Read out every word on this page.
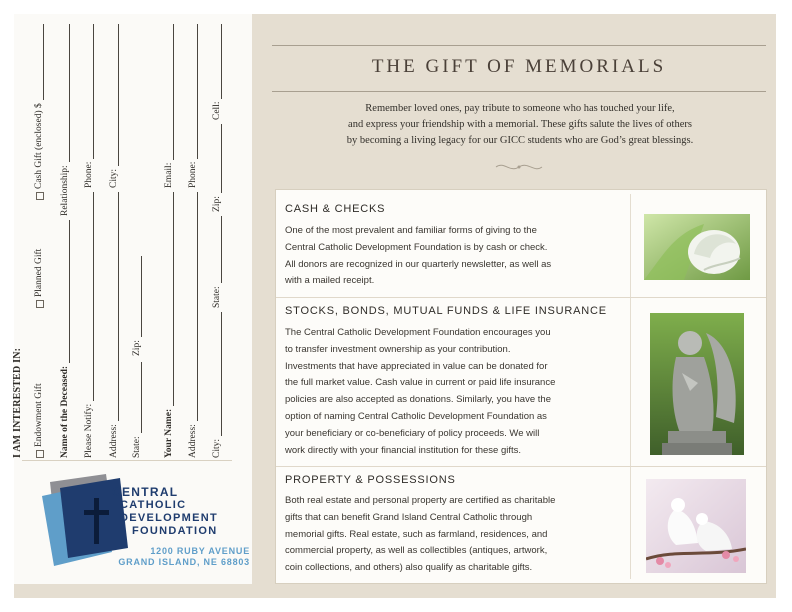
I AM INTERESTED IN: Endowment Gift
Planned Gift
Cash Gift (enclosed) $
Name of the Deceased:
Relationship:
Please Notify:
Phone:
Address:
City:
State:
Zip:
Your Name:
Email:
Address:
Phone:
City:
State:
Zip:
Cell:
CENTRAL
CATHOLIC
DEVELOPMENT
FOUNDATION
1200 RUBY AVENUE
GRAND ISLAND, NE 68803
THE GIFT OF MEMORIALS
Remember loved ones, pay tribute to someone who has touched your life,
and express your friendship with a memorial. These gifts salute the lives of others
by becoming a living legacy for our GICC students who are God’s great blessings.
CASH & CHECKS
One of the most prevalent and familiar forms of giving to the
Central Catholic Development Foundation is by cash or check.
All donors are recognized in our quarterly newsletter, as well as
with a mailed receipt.
STOCKS, BONDS, MUTUAL FUNDS & LIFE INSURANCE
The Central Catholic Development Foundation encourages you
to transfer investment ownership as your contribution.
Investments that have appreciated in value can be donated for
the full market value. Cash value in current or paid life insurance
policies are also accepted as donations. Similarly, you have the
option of naming Central Catholic Development Foundation as
your beneficiary or co-beneficiary of policy proceeds. We will
work directly with your financial institution for these gifts.
PROPERTY & POSSESSIONS
Both real estate and personal property are certified as charitable
gifts that can benefit Grand Island Central Catholic through
memorial gifts. Real estate, such as farmland, residences, and
commercial property, as well as collectibles (antiques, artwork,
coin collections, and others) also qualify as charitable gifts.
